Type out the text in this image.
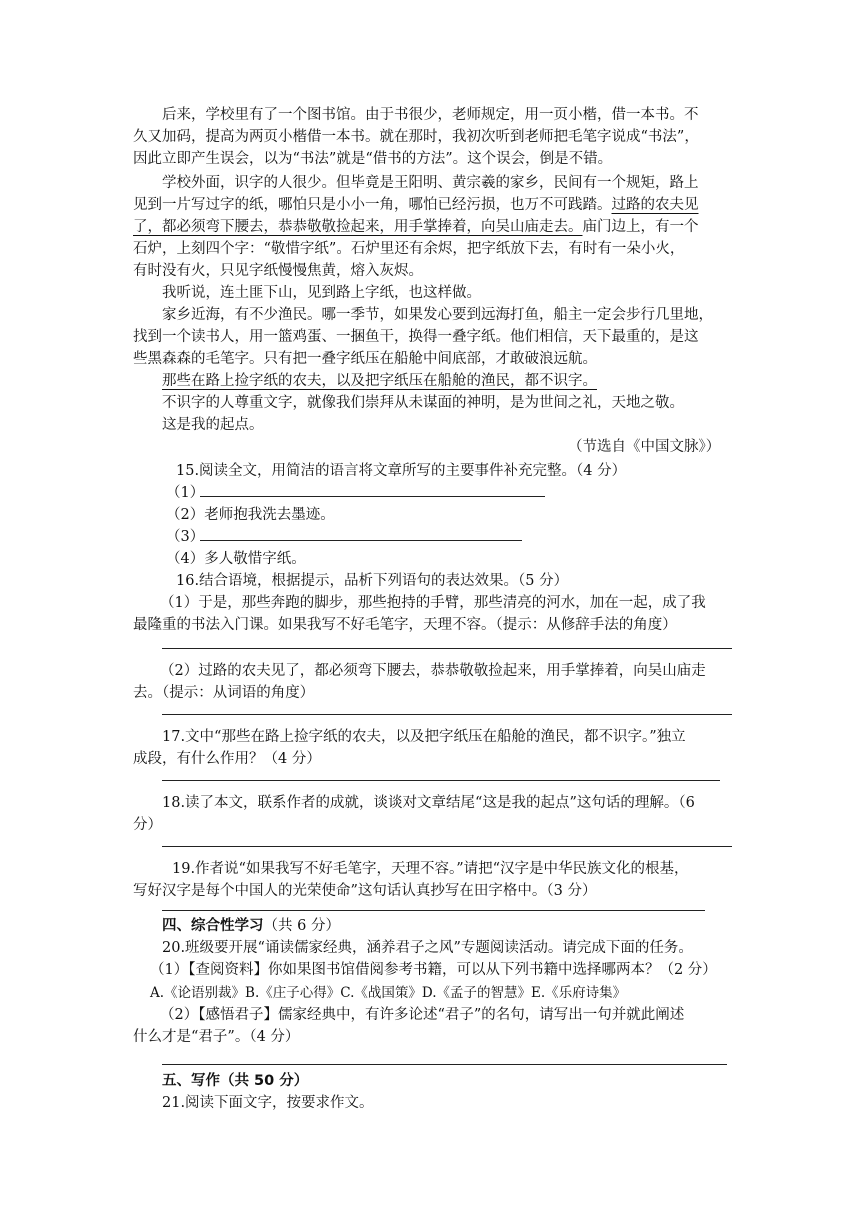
后来，学校里有了一个图书馆。由于书很少，老师规定，用一页小楷，借一本书。不
久又加码，提高为两页小楷借一本书。就在那时，我初次听到老师把毛笔字说成“书法”，
因此立即产生误会，以为“书法”就是“借书的方法”。这个误会，倒是不错。
学校外面，识字的人很少。但毕竟是王阳明、黄宗羲的家乡，民间有一个规矩，路上
见到一片写过字的纸，哪怕只是小小一角，哪怕已经污损，也万不可践踏。过路的农夫见
了，都必须弯下腰去，恭恭敬敬捡起来，用手掌捧着，向吴山庙走去。庙门边上，有一个
石炉，上刻四个字：“敬惜字纸”。石炉里还有余烬，把字纸放下去，有时有一朵小火，
有时没有火，只见字纸慢慢焦黄，熔入灰烬。
我听说，连土匪下山，见到路上字纸，也这样做。
家乡近海，有不少渔民。哪一季节，如果发心要到远海打鱼，船主一定会步行几里地，
找到一个读书人，用一篮鸡蛋、一捆鱼干，换得一叠字纸。他们相信，天下最重的，是这
些黑森森的毛笔字。只有把一叠字纸压在船舱中间底部，才敢破浪远航。
那些在路上捡字纸的农夫，以及把字纸压在船舱的渔民，都不识字。
不识字的人尊重文字，就像我们崇拜从未谋面的神明，是为世间之礼，天地之敬。
这是我的起点。
（节选自《中国文脉》）
15.阅读全文，用简洁的语言将文章所写的主要事件补充完整。（4 分）
（1）
（2）老师抱我洗去墨迹。
（3）
（4）多人敬惜字纸。
16.结合语境，根据提示，品析下列语句的表达效果。（5 分）
（1）于是，那些奔跑的脚步，那些抱持的手臂，那些清亮的河水，加在一起，成了我
最隆重的书法入门课。如果我写不好毛笔字，天理不容。（提示：从修辞手法的角度）
（2）过路的农夫见了，都必须弯下腰去，恭恭敬敬捡起来，用手掌捧着，向吴山庙走
去。（提示：从词语的角度）
17.文中“那些在路上捡字纸的农夫，以及把字纸压在船舱的渔民，都不识字。”独立
成段，有什么作用？（4 分）
18.读了本文，联系作者的成就，谈谈对文章结尾“这是我的起点”这句话的理解。（6
分）
19.作者说“如果我写不好毛笔字，天理不容。”请把“汉字是中华民族文化的根基，
写好汉字是每个中国人的光荣使命”这句话认真抄写在田字格中。（3 分）
四、综合性学习（共 6 分）
20.班级要开展“诵读儒家经典，涵养君子之风”专题阅读活动。请完成下面的任务。
（1）【查阅资料】你如果图书馆借阅参考书籍，可以从下列书籍中选择哪两本？（2 分）
A.《论语别裁》B.《庄子心得》C.《战国策》D.《孟子的智慧》E.《乐府诗集》
（2）【感悟君子】儒家经典中，有许多论述“君子”的名句，请写出一句并就此阐述
什么才是“君子”。（4 分）
五、写作（共 50 分）
21.阅读下面文字，按要求作文。
